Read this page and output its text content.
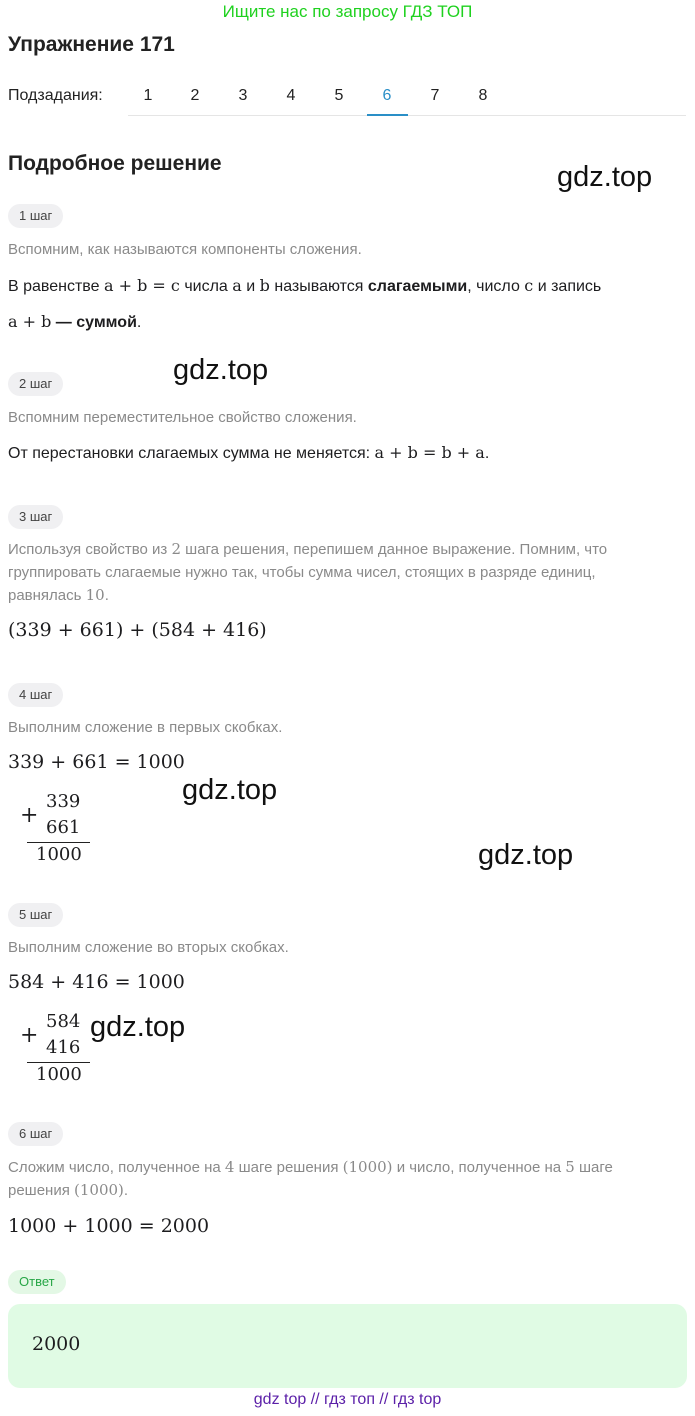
Ищите нас по запросу ГДЗ ТОП
Упражнение 171
Подзадания:	1	2	3	4	5	6	7	8
Подробное решение	gdz.top
gdz.top
gdz.top
gdz.top
gdz.top
1 шаг
Вспомним, как называются компоненты сложения.
В равенстве a + b = c числа a и b называются слагаемыми, число c и запись
a + b — суммой.
2 шаг
Вспомним переместительное свойство сложения.
От перестановки слагаемых сумма не меняется: a + b = b + a.
3 шаг
Используя свойство из 2 шага решения, перепишем данное выражение. Помним, что
группировать слагаемые нужно так, чтобы сумма чисел, стоящих в разряде единиц,
равнялась 10.
(339 + 661) + (584 + 416)
4 шаг
Выполним сложение в первых скобках.
339 + 661 = 1000
+
339
661
1000
5 шаг
Выполним сложение во вторых скобках.
584 + 416 = 1000
+
584
416
1000
6 шаг
Сложим число, полученное на 4 шаге решения (1000) и число, полученное на 5 шаге
решения (1000).
1000 + 1000 = 2000
Ответ
2000
gdz top // гдз топ // гдз top
